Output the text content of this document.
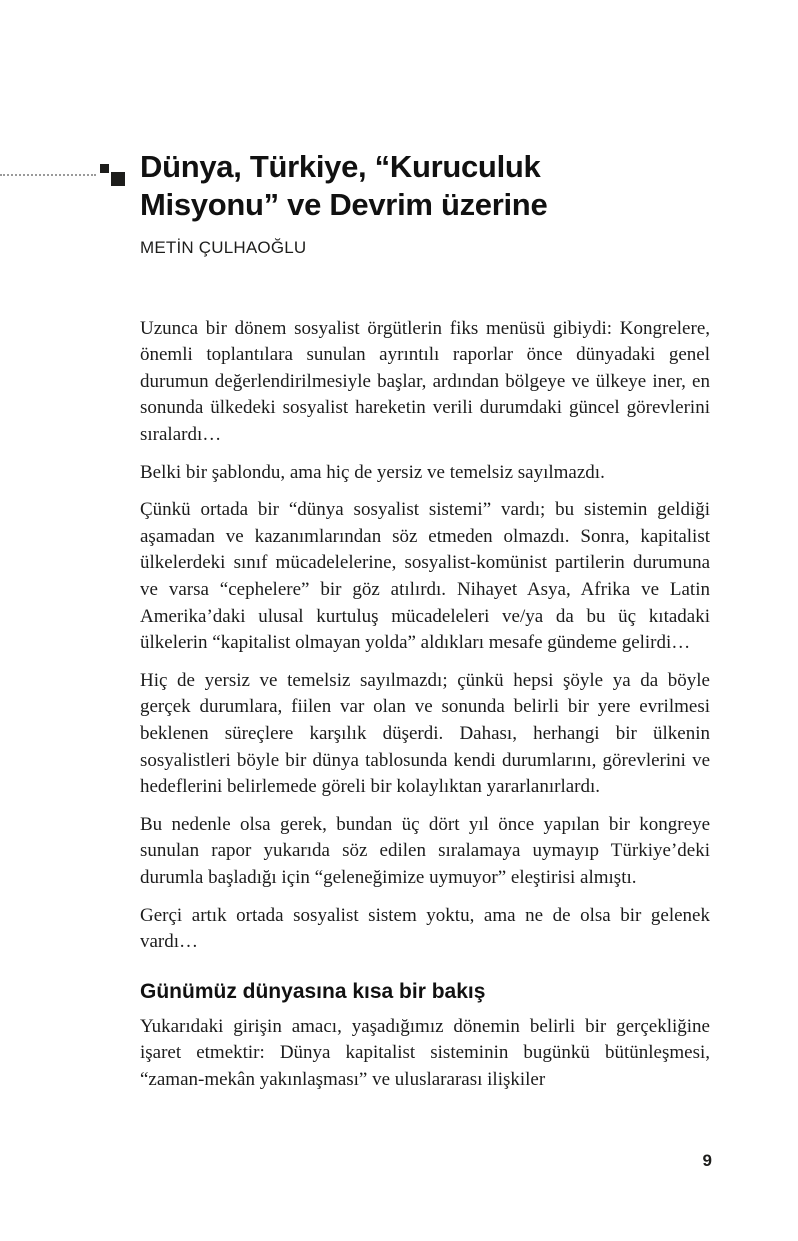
Dünya, Türkiye, “Kuruculuk Misyonu” ve Devrim üzerine
METİN ÇULHAOĞLU

Uzunca bir dönem sosyalist örgütlerin fiks menüsü gibiydi: Kongrelere, önemli toplantılara sunulan ayrıntılı raporlar önce dünyadaki genel durumun değerlendirilmesiyle başlar, ardından bölgeye ve ülkeye iner, en sonunda ülkedeki sosyalist hareketin verili durumdaki güncel görevlerini sıralardı…

Belki bir şablondu, ama hiç de yersiz ve temelsiz sayılmazdı.

Çünkü ortada bir “dünya sosyalist sistemi” vardı; bu sistemin geldiği aşamadan ve kazanımlarından söz etmeden olmazdı. Sonra, kapitalist ülkelerdeki sınıf mücadelelerine, sosyalist-komünist partilerin durumuna ve varsa “cephelere” bir göz atılırdı. Nihayet Asya, Afrika ve Latin Amerika’daki ulusal kurtuluş mücadeleleri ve/ya da bu üç kıtadaki ülkelerin “kapitalist olmayan yolda” aldıkları mesafe gündeme gelirdi…

Hiç de yersiz ve temelsiz sayılmazdı; çünkü hepsi şöyle ya da böyle gerçek durumlara, fiilen var olan ve sonunda belirli bir yere evrilmesi beklenen süreçlere karşılık düşerdi. Dahası, herhangi bir ülkenin sosyalistleri böyle bir dünya tablosunda kendi durumlarını, görevlerini ve hedeflerini belirlemede göreli bir kolaylıktan yararlanırlardı.

Bu nedenle olsa gerek, bundan üç dört yıl önce yapılan bir kongreye sunulan rapor yukarıda söz edilen sıralamaya uymayıp Türkiye’deki durumla başladığı için “geleneğimize uymuyor” eleştirisi almıştı.

Gerçi artık ortada sosyalist sistem yoktu, ama ne de olsa bir gelenek vardı…

Günümüz dünyasına kısa bir bakış

Yukarıdaki girişin amacı, yaşadığımız dönemin belirli bir gerçekliğine işaret etmektir: Dünya kapitalist sisteminin bugünkü bütünleşmesi, “zaman-mekân yakınlaşması” ve uluslararası ilişkiler

9
